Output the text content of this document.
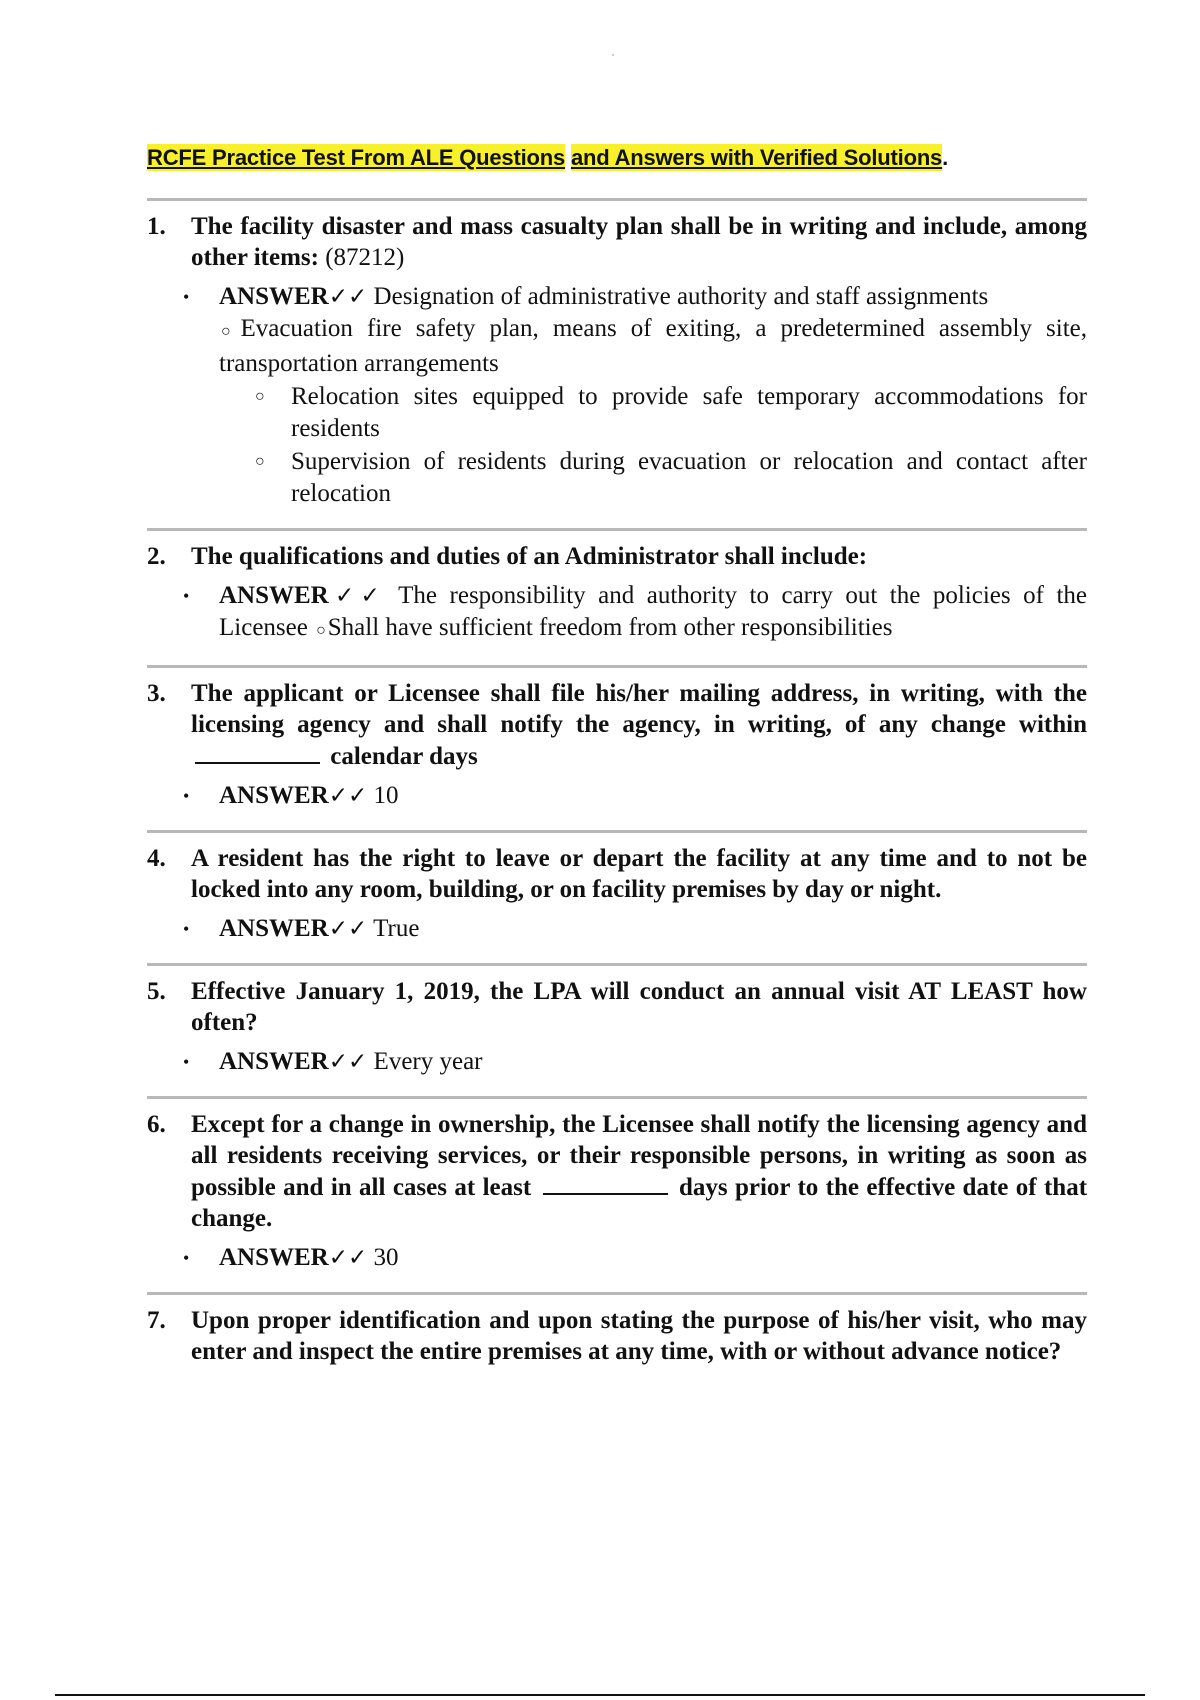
RCFE Practice Test From ALE Questions and Answers with Verified Solutions.
1.	The facility disaster and mass casualty plan shall be in writing and include, among other items: (87212)
•	ANSWER✓✓ Designation of administrative authority and staff assignments
○Evacuation fire safety plan, means of exiting, a predetermined assembly site, transportation arrangements
○	Relocation sites equipped to provide safe temporary accommodations for residents
○	Supervision of residents during evacuation or relocation and contact after relocation
2.	The qualifications and duties of an Administrator shall include:
•	ANSWER✓✓ The responsibility and authority to carry out the policies of the Licensee ○Shall have sufficient freedom from other responsibilities
3.	The applicant or Licensee shall file his/her mailing address, in writing, with the licensing agency and shall notify the agency, in writing, of any change within  calendar days
•	ANSWER✓✓ 10
4.	A resident has the right to leave or depart the facility at any time and to not be locked into any room, building, or on facility premises by day or night.
•	ANSWER✓✓ True
5.	Effective January 1, 2019, the LPA will conduct an annual visit AT LEAST how often?
•	ANSWER✓✓ Every year
6.	Except for a change in ownership, the Licensee shall notify the licensing agency and all residents receiving services, or their responsible persons, in writing as soon as possible and in all cases at least	days prior to the effective date of that change.
•	ANSWER✓✓ 30
7.	Upon proper identification and upon stating the purpose of his/her visit, who may enter and inspect the entire premises at any time, with or without advance notice?
